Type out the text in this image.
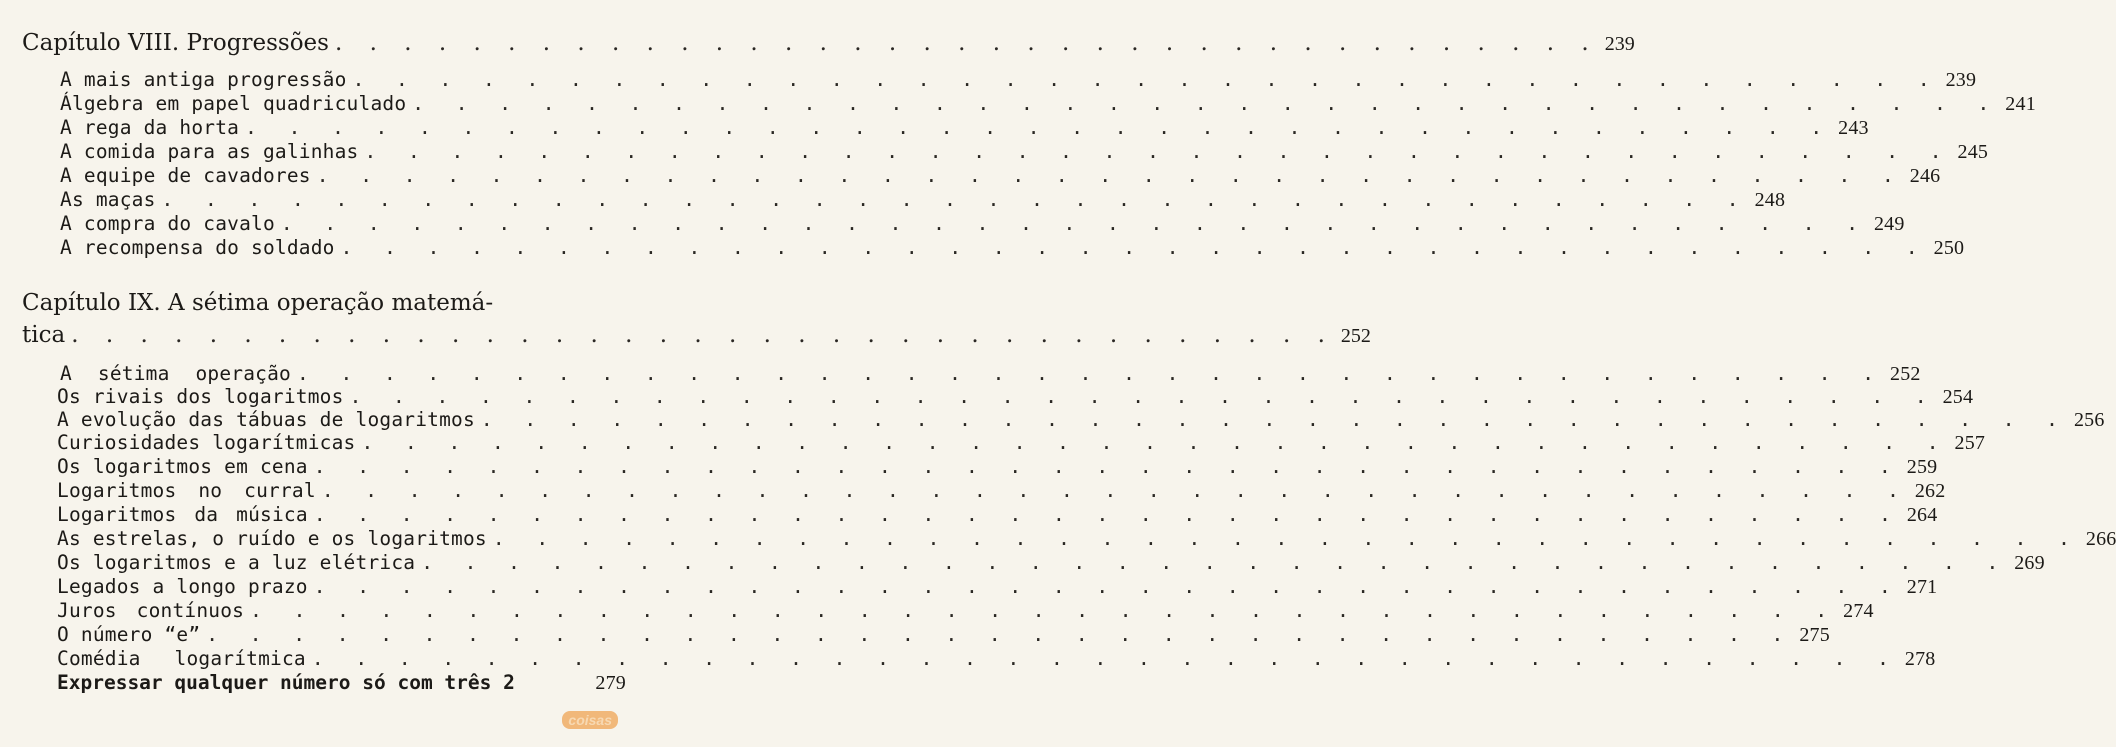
Capítulo VIII. Progressões . . . . . . . . . . . . . . . . . . . . . . . . . . . . . . . . . . . . . 239
A mais antiga progressão . . . . . . . . . . . . . . . . . . . . . . . . . . . . . . . . . . . . . 239
Álgebra em papel quadriculado . . . . . . . . . . . . . . . . . . . . . . . . . . . . . . . . . . . . . 241
A rega da horta . . . . . . . . . . . . . . . . . . . . . . . . . . . . . . . . . . . . . 243
A comida para as galinhas . . . . . . . . . . . . . . . . . . . . . . . . . . . . . . . . . . . . . 245
A equipe de cavadores . . . . . . . . . . . . . . . . . . . . . . . . . . . . . . . . . . . . . 246
As maças . . . . . . . . . . . . . . . . . . . . . . . . . . . . . . . . . . . . . 248
A compra do cavalo . . . . . . . . . . . . . . . . . . . . . . . . . . . . . . . . . . . . . 249
A recompensa do soldado . . . . . . . . . . . . . . . . . . . . . . . . . . . . . . . . . . . . . 250
Capítulo IX. A sétima operação matemá-
tica . . . . . . . . . . . . . . . . . . . . . . . . . . . . . . . . . . . . . 252
A sétima operação . . . . . . . . . . . . . . . . . . . . . . . . . . . . . . . . . . . . . 252
Os rivais dos logaritmos . . . . . . . . . . . . . . . . . . . . . . . . . . . . . . . . . . . . . 254
A evolução das tábuas de logaritmos . . . . . . . . . . . . . . . . . . . . . . . . . . . . . . . . . . . . . 256
Curiosidades logarítmicas . . . . . . . . . . . . . . . . . . . . . . . . . . . . . . . . . . . . . 257
Os logaritmos em cena . . . . . . . . . . . . . . . . . . . . . . . . . . . . . . . . . . . . . 259
Logaritmos no curral . . . . . . . . . . . . . . . . . . . . . . . . . . . . . . . . . . . . . 262
Logaritmos da música . . . . . . . . . . . . . . . . . . . . . . . . . . . . . . . . . . . . . 264
As estrelas, o ruído e os logaritmos . . . . . . . . . . . . . . . . . . . . . . . . . . . . . . . . . . . . . 266
Os logaritmos e a luz elétrica . . . . . . . . . . . . . . . . . . . . . . . . . . . . . . . . . . . . . 269
Legados a longo prazo . . . . . . . . . . . . . . . . . . . . . . . . . . . . . . . . . . . . . 271
Juros contínuos . . . . . . . . . . . . . . . . . . . . . . . . . . . . . . . . . . . . . 274
O número “e” . . . . . . . . . . . . . . . . . . . . . . . . . . . . . . . . . . . . . 275
Comédia logarítmica . . . . . . . . . . . . . . . . . . . . . . . . . . . . . . . . . . . . . 278
Expressar qualquer número só com três 2	279
coisas
